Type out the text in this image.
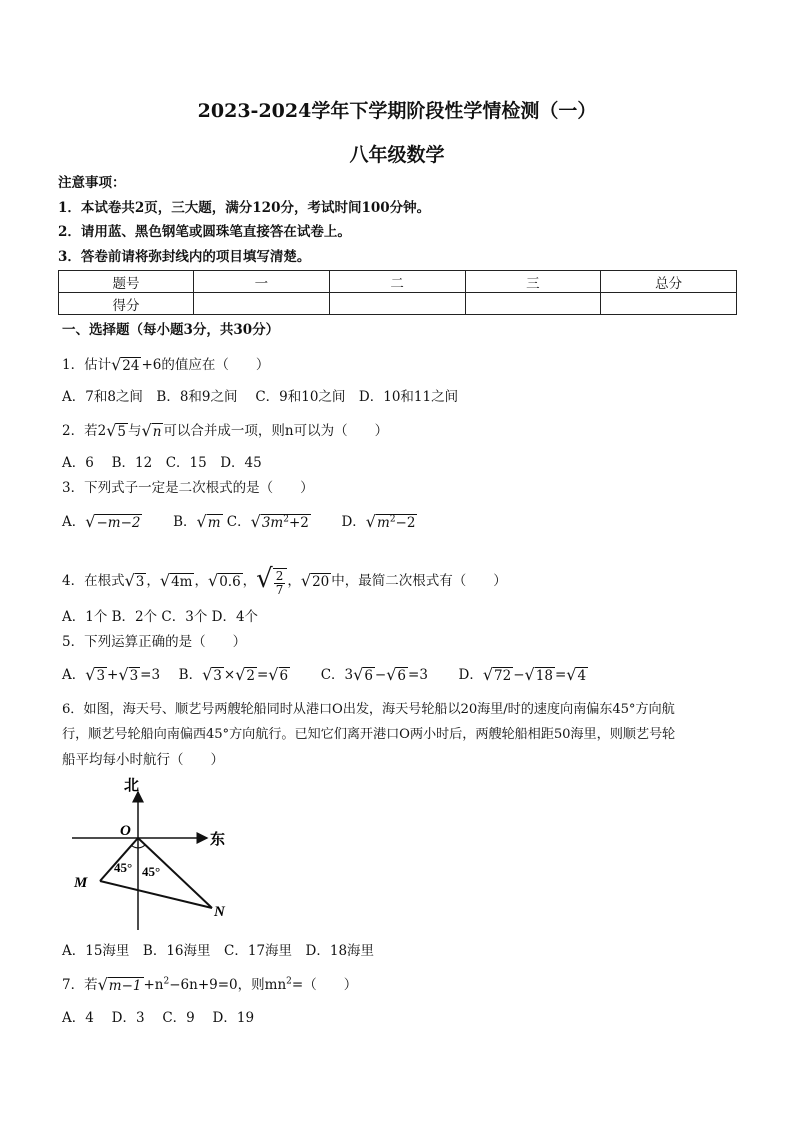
2023-2024学年下学期阶段性学情检测（一）
八年级数学
注意事项：
1．本试卷共2页，三大题，满分120分，考试时间100分钟。
2．请用蓝、黑色钢笔或圆珠笔直接答在试卷上。
3．答卷前请将弥封线内的项目填写清楚。
题号	一	二	三	总分
得分				
一、选择题（每小题3分，共30分）
1．估计√24 +6的值应在（　　）
A．7和8之间　B．8和9之间　 C．9和10之间　D．10和11之间
2．若2√5 与√n 可以合并成一项，则n可以为（　　）
A．6　 B．12　C．15　D．45
3．下列式子一定是二次根式的是（　　）
A．√−m−2 B．√m C．$√3m^2+2$ D．$√m^2-2$
4．在根式√3 ，√4m ，√0.6 ，√ $\frac{2}{7}$ ，√20 中，最简二次根式有（　　）
A．1个 B．2个 C．3个 D．4个
5．下列运算正确的是（　　）
A．√3 +√3 =3 B．√3 ×√2 =√6 C．3√6 −√6 =3 D．√72 −√18 =√4
6．如图，海天号、顺艺号两艘轮船同时从港口O出发，海天号轮船以20海里/时的速度向南偏东45°方向航
行，顺艺号轮船向南偏西45°方向航行。已知它们离开港口O两小时后，两艘轮船相距50海里，则顺艺号轮
船平均每小时航行（　　）
北
东
O
M
N
45° 45°
A．15海里　B．16海里　C．17海里　D．18海里
7．若$√m-1 +n^2-6n+9=0$，则$mn^2=$（　　）
A．4　 D．3　 C．9　 D．19
